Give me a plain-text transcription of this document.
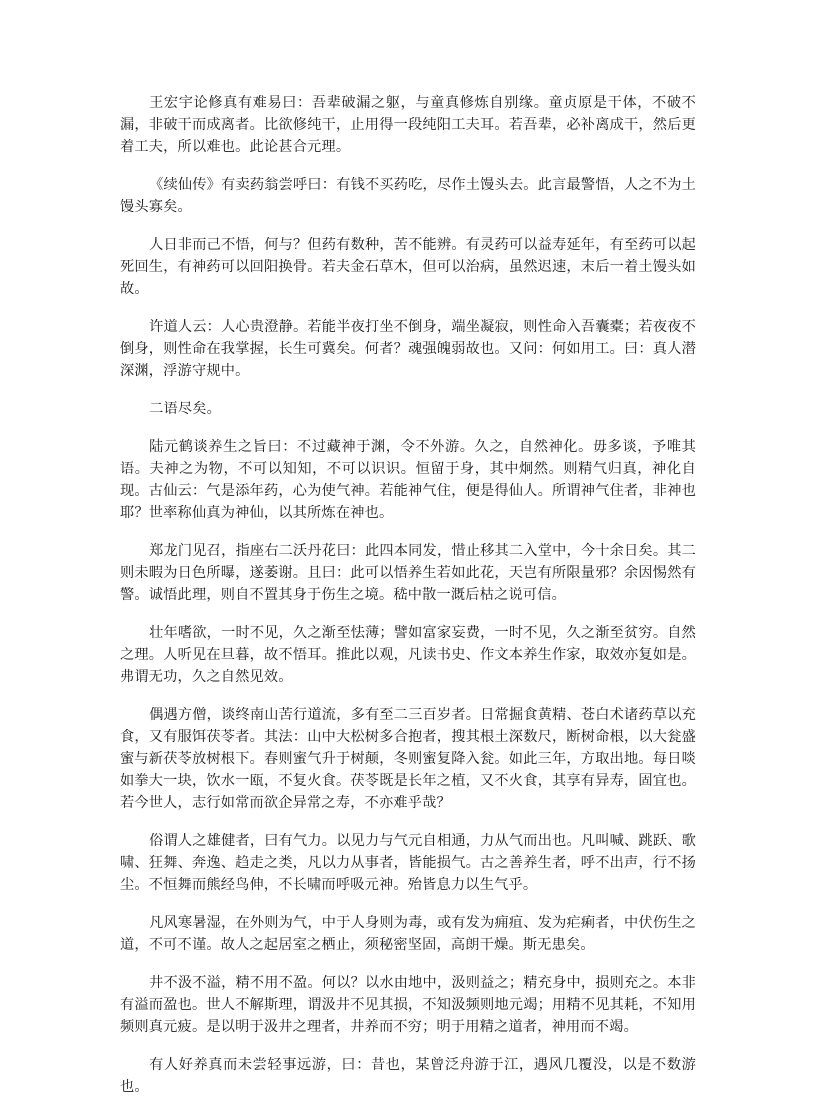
王宏宇论修真有难易曰：吾辈破漏之躯，与童真修炼自别缘。童贞原是干体，不破不漏，非破干而成离者。比欲修纯干，止用得一段纯阳工夫耳。若吾辈，必补离成干，然后更着工夫，所以难也。此论甚合元理。

《续仙传》有卖药翁尝呼曰：有钱不买药吃，尽作土馒头去。此言最警悟，人之不为土馒头寡矣。

人日非而己不悟，何与？但药有数种，苦不能辨。有灵药可以益寿延年，有至药可以起死回生，有神药可以回阳换骨。若夫金石草木，但可以治病，虽然迟速，末后一着土馒头如故。

许道人云：人心贵澄静。若能半夜打坐不倒身，端坐凝寂，则性命入吾囊橐；若夜夜不倒身，则性命在我掌握，长生可冀矣。何者？魂强魄弱故也。又问：何如用工。曰：真人潜深渊，浮游守规中。

二语尽矣。

陆元鹤谈养生之旨曰：不过藏神于渊，令不外游。久之，自然神化。毋多谈，予唯其语。夫神之为物，不可以知知，不可以识识。恒留于身，其中炯然。则精气归真，神化自现。古仙云：气是添年药，心为使气神。若能神气住，便是得仙人。所谓神气住者，非神也耶？世率称仙真为神仙，以其所炼在神也。

郑龙门见召，指座右二沃丹花曰：此四本同发，惜止移其二入堂中，今十余日矣。其二则未暇为日色所曝，遂萎谢。且曰：此可以悟养生若如此花，天岂有所限量邪？余因惕然有警。诚悟此理，则自不置其身于伤生之境。嵇中散一溉后枯之说可信。

壮年嗜欲，一时不见，久之渐至怯薄；譬如富家妄费，一时不见，久之渐至贫穷。自然之理。人听见在旦暮，故不悟耳。推此以观，凡读书史、作文本养生作家，取效亦复如是。弗谓无功，久之自然见效。

偶遇方僧，谈终南山苦行道流，多有至二三百岁者。日常掘食黄精、苍白术诸药草以充食，又有服饵茯苓者。其法：山中大松树多合抱者，搜其根土深数尺，断树命根，以大瓮盛蜜与新茯苓放树根下。春则蜜气升于树颠，冬则蜜复降入瓮。如此三年，方取出地。每日啖如拳大一块，饮水一瓯，不复火食。茯苓既是长年之植，又不火食，其享有异寿，固宜也。若今世人，志行如常而欲企异常之寿，不亦难乎哉？

俗谓人之雄健者，曰有气力。以见力与气元自相通，力从气而出也。凡叫喊、跳跃、歌啸、狂舞、奔逸、趋走之类，凡以力从事者，皆能损气。古之善养生者，呼不出声，行不扬尘。不恒舞而熊经鸟伸，不长啸而呼吸元神。殆皆息力以生气乎。

凡风寒暑湿，在外则为气，中于人身则为毒，或有发为痈疽、发为疟痢者，中伏伤生之道，不可不谨。故人之起居室之栖止，须秘密坚固，高朗干燥。斯无患矣。

井不汲不溢，精不用不盈。何以？以水由地中，汲则益之；精充身中，损则充之。本非有溢而盈也。世人不解斯理，谓汲井不见其损，不知汲频则地元竭；用精不见其耗，不知用频则真元疲。是以明于汲井之理者，井养而不穷；明于用精之道者，神用而不竭。

有人好养真而未尝轻事远游，曰：昔也，某曾泛舟游于江，遇风几覆没，以是不数游也。
